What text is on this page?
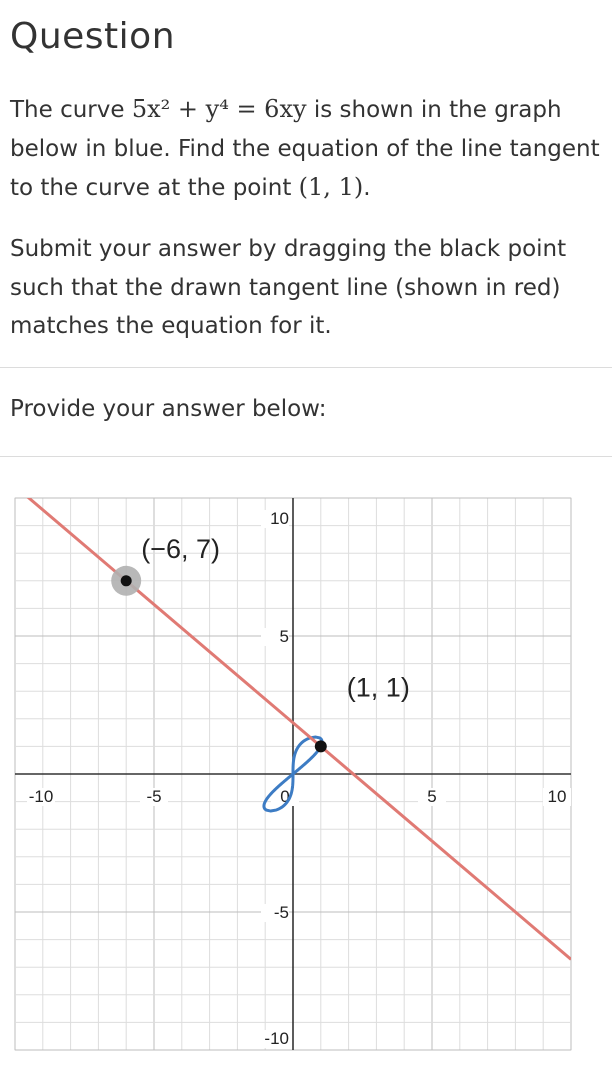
Question
The curve 5x² + y⁴ = 6xy is shown in the graph below in blue. Find the equation of the line tangent to the curve at the point (1, 1).
Submit your answer by dragging the black point such that the drawn tangent line (shown in red) matches the equation for it.
Provide your answer below:
-10	-5	0	5	10
10
5
-5
-10
(−6, 7)
(1, 1)
